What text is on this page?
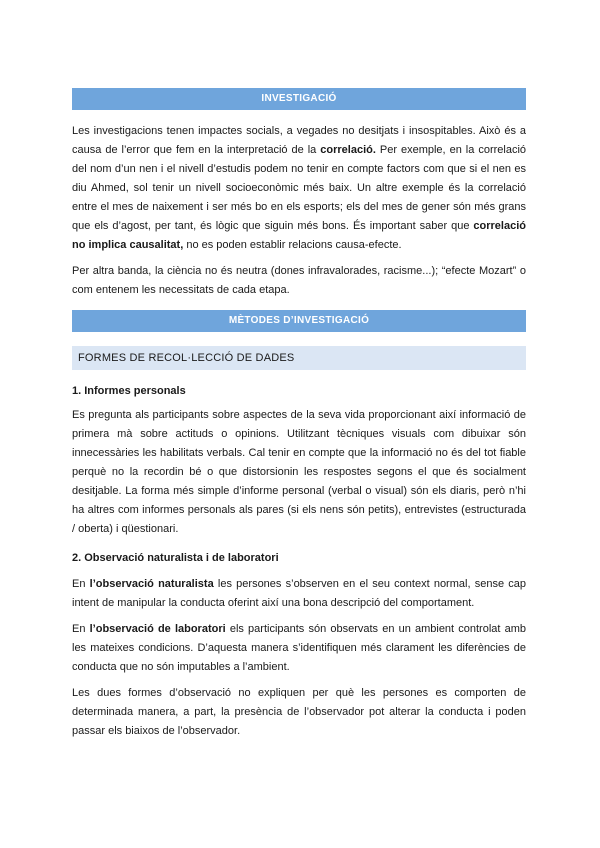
INVESTIGACIÓ

Les investigacions tenen impactes socials, a vegades no desitjats i insospitables. Això és a causa de l’error que fem en la interpretació de la correlació. Per exemple, en la correlació del nom d’un nen i el nivell d’estudis podem no tenir en compte factors com que si el nen es diu Ahmed, sol tenir un nivell socioeconòmic més baix. Un altre exemple és la correlació entre el mes de naixement i ser més bo en els esports; els del mes de gener són més grans que els d’agost, per tant, és lògic que siguin més bons. És important saber que correlació no implica causalitat, no es poden establir relacions causa-efecte.

Per altra banda, la ciència no és neutra (dones infravalorades, racisme...); “efecte Mozart” o com entenem les necessitats de cada etapa.

MÈTODES D’INVESTIGACIÓ
FORMES DE RECOL·LECCIÓ DE DADES
1. Informes personals

Es pregunta als participants sobre aspectes de la seva vida proporcionant així informació de primera mà sobre actituds o opinions. Utilitzant tècniques visuals com dibuixar són innecessàries les habilitats verbals. Cal tenir en compte que la informació no és del tot fiable perquè no la recordin bé o que distorsionin les respostes segons el que és socialment desitjable. La forma més simple d’informe personal (verbal o visual) són els diaris, però n’hi ha altres com informes personals als pares (si els nens són petits), entrevistes (estructurada / oberta) i qüestionari.

2. Observació naturalista i de laboratori

En l’observació naturalista les persones s’observen en el seu context normal, sense cap intent de manipular la conducta oferint així una bona descripció del comportament.

En l’observació de laboratori els participants són observats en un ambient controlat amb les mateixes condicions. D’aquesta manera s’identifiquen més clarament les diferències de conducta que no són imputables a l’ambient.

Les dues formes d’observació no expliquen per què les persones es comporten de determinada manera, a part, la presència de l’observador pot alterar la conducta i poden passar els biaixos de l’observador.
